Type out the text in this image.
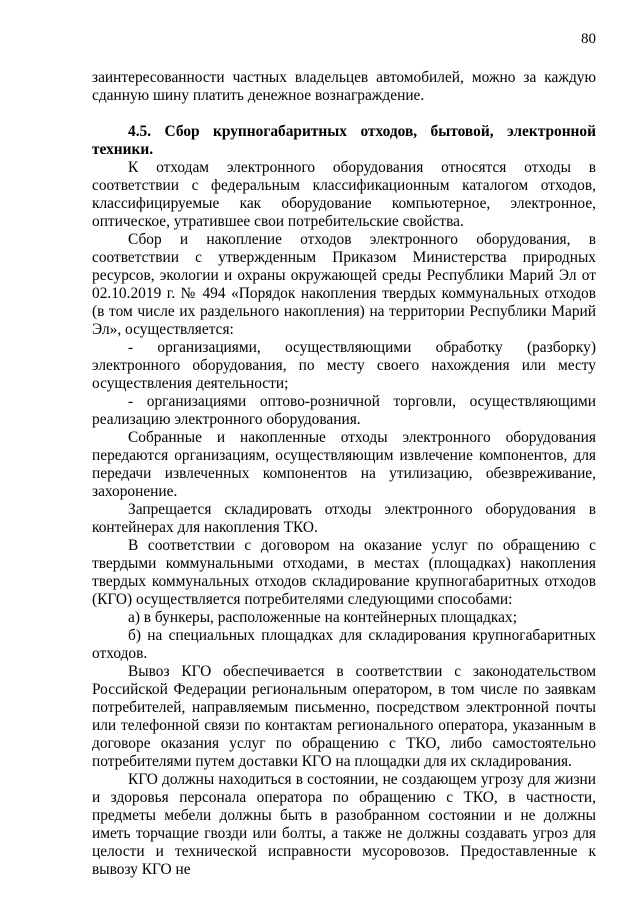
80

заинтересованности частных владельцев автомобилей, можно за каждую сданную шину платить денежное вознаграждение.

4.5. Сбор крупногабаритных отходов, бытовой, электронной техники.

К отходам электронного оборудования относятся отходы в соответствии с федеральным классификационным каталогом отходов, классифицируемые как оборудование компьютерное, электронное, оптическое, утратившее свои потребительские свойства.

Сбор и накопление отходов электронного оборудования, в соответствии с утвержденным Приказом Министерства природных ресурсов, экологии и охраны окружающей среды Республики Марий Эл от 02.10.2019 г. № 494 «Порядок накопления твердых коммунальных отходов (в том числе их раздельного накопления) на территории Республики Марий Эл», осуществляется:

- организациями, осуществляющими обработку (разборку) электронного оборудования, по месту своего нахождения или месту осуществления деятельности;

- организациями оптово-розничной торговли, осуществляющими реализацию электронного оборудования.

Собранные и накопленные отходы электронного оборудования передаются организациям, осуществляющим извлечение компонентов, для передачи извлеченных компонентов на утилизацию, обезвреживание, захоронение.

Запрещается складировать отходы электронного оборудования в контейнерах для накопления ТКО.

В соответствии с договором на оказание услуг по обращению с твердыми коммунальными отходами, в местах (площадках) накопления твердых коммунальных отходов складирование крупногабаритных отходов (КГО) осуществляется потребителями следующими способами:

а) в бункеры, расположенные на контейнерных площадках;

б) на специальных площадках для складирования крупногабаритных отходов.

Вывоз КГО обеспечивается в соответствии с законодательством Российской Федерации региональным оператором, в том числе по заявкам потребителей, направляемым письменно, посредством электронной почты или телефонной связи по контактам регионального оператора, указанным в договоре оказания услуг по обращению с ТКО, либо самостоятельно потребителями путем доставки КГО на площадки для их складирования.

КГО должны находиться в состоянии, не создающем угрозу для жизни и здоровья персонала оператора по обращению с ТКО, в частности, предметы мебели должны быть в разобранном состоянии и не должны иметь торчащие гвозди или болты, а также не должны создавать угроз для целости и технической исправности мусоровозов. Предоставленные к вывозу КГО не
